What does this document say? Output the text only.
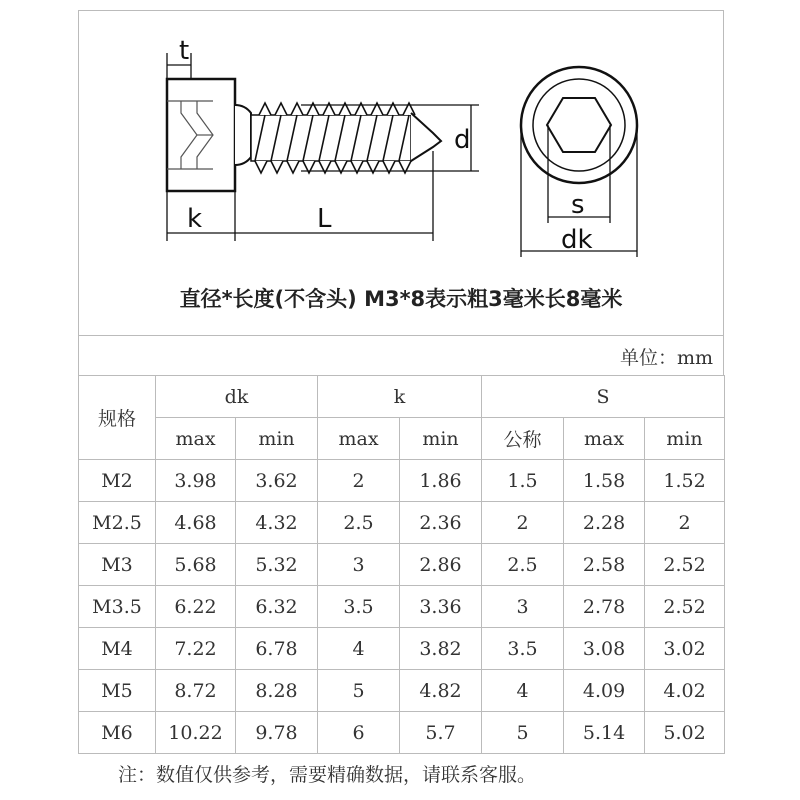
t
d
k	L	s
dk
直径*长度(不含头) M3*8表示粗3毫米长8毫米
单位：mm
规格	dk		k		S		
	max	min	max	min	公称	max	min
M2	3.98	3.62	2	1.86	1.5	1.58	1.52
M2.5	4.68	4.32	2.5	2.36	2	2.28	2
M3	5.68	5.32	3	2.86	2.5	2.58	2.52
M3.5	6.22	6.32	3.5	3.36	3	2.78	2.52
M4	7.22	6.78	4	3.82	3.5	3.08	3.02
M5	8.72	8.28	5	4.82	4	4.09	4.02
M6	10.22	9.78	6	5.7	5	5.14	5.02
注：数值仅供参考，需要精确数据，请联系客服。
